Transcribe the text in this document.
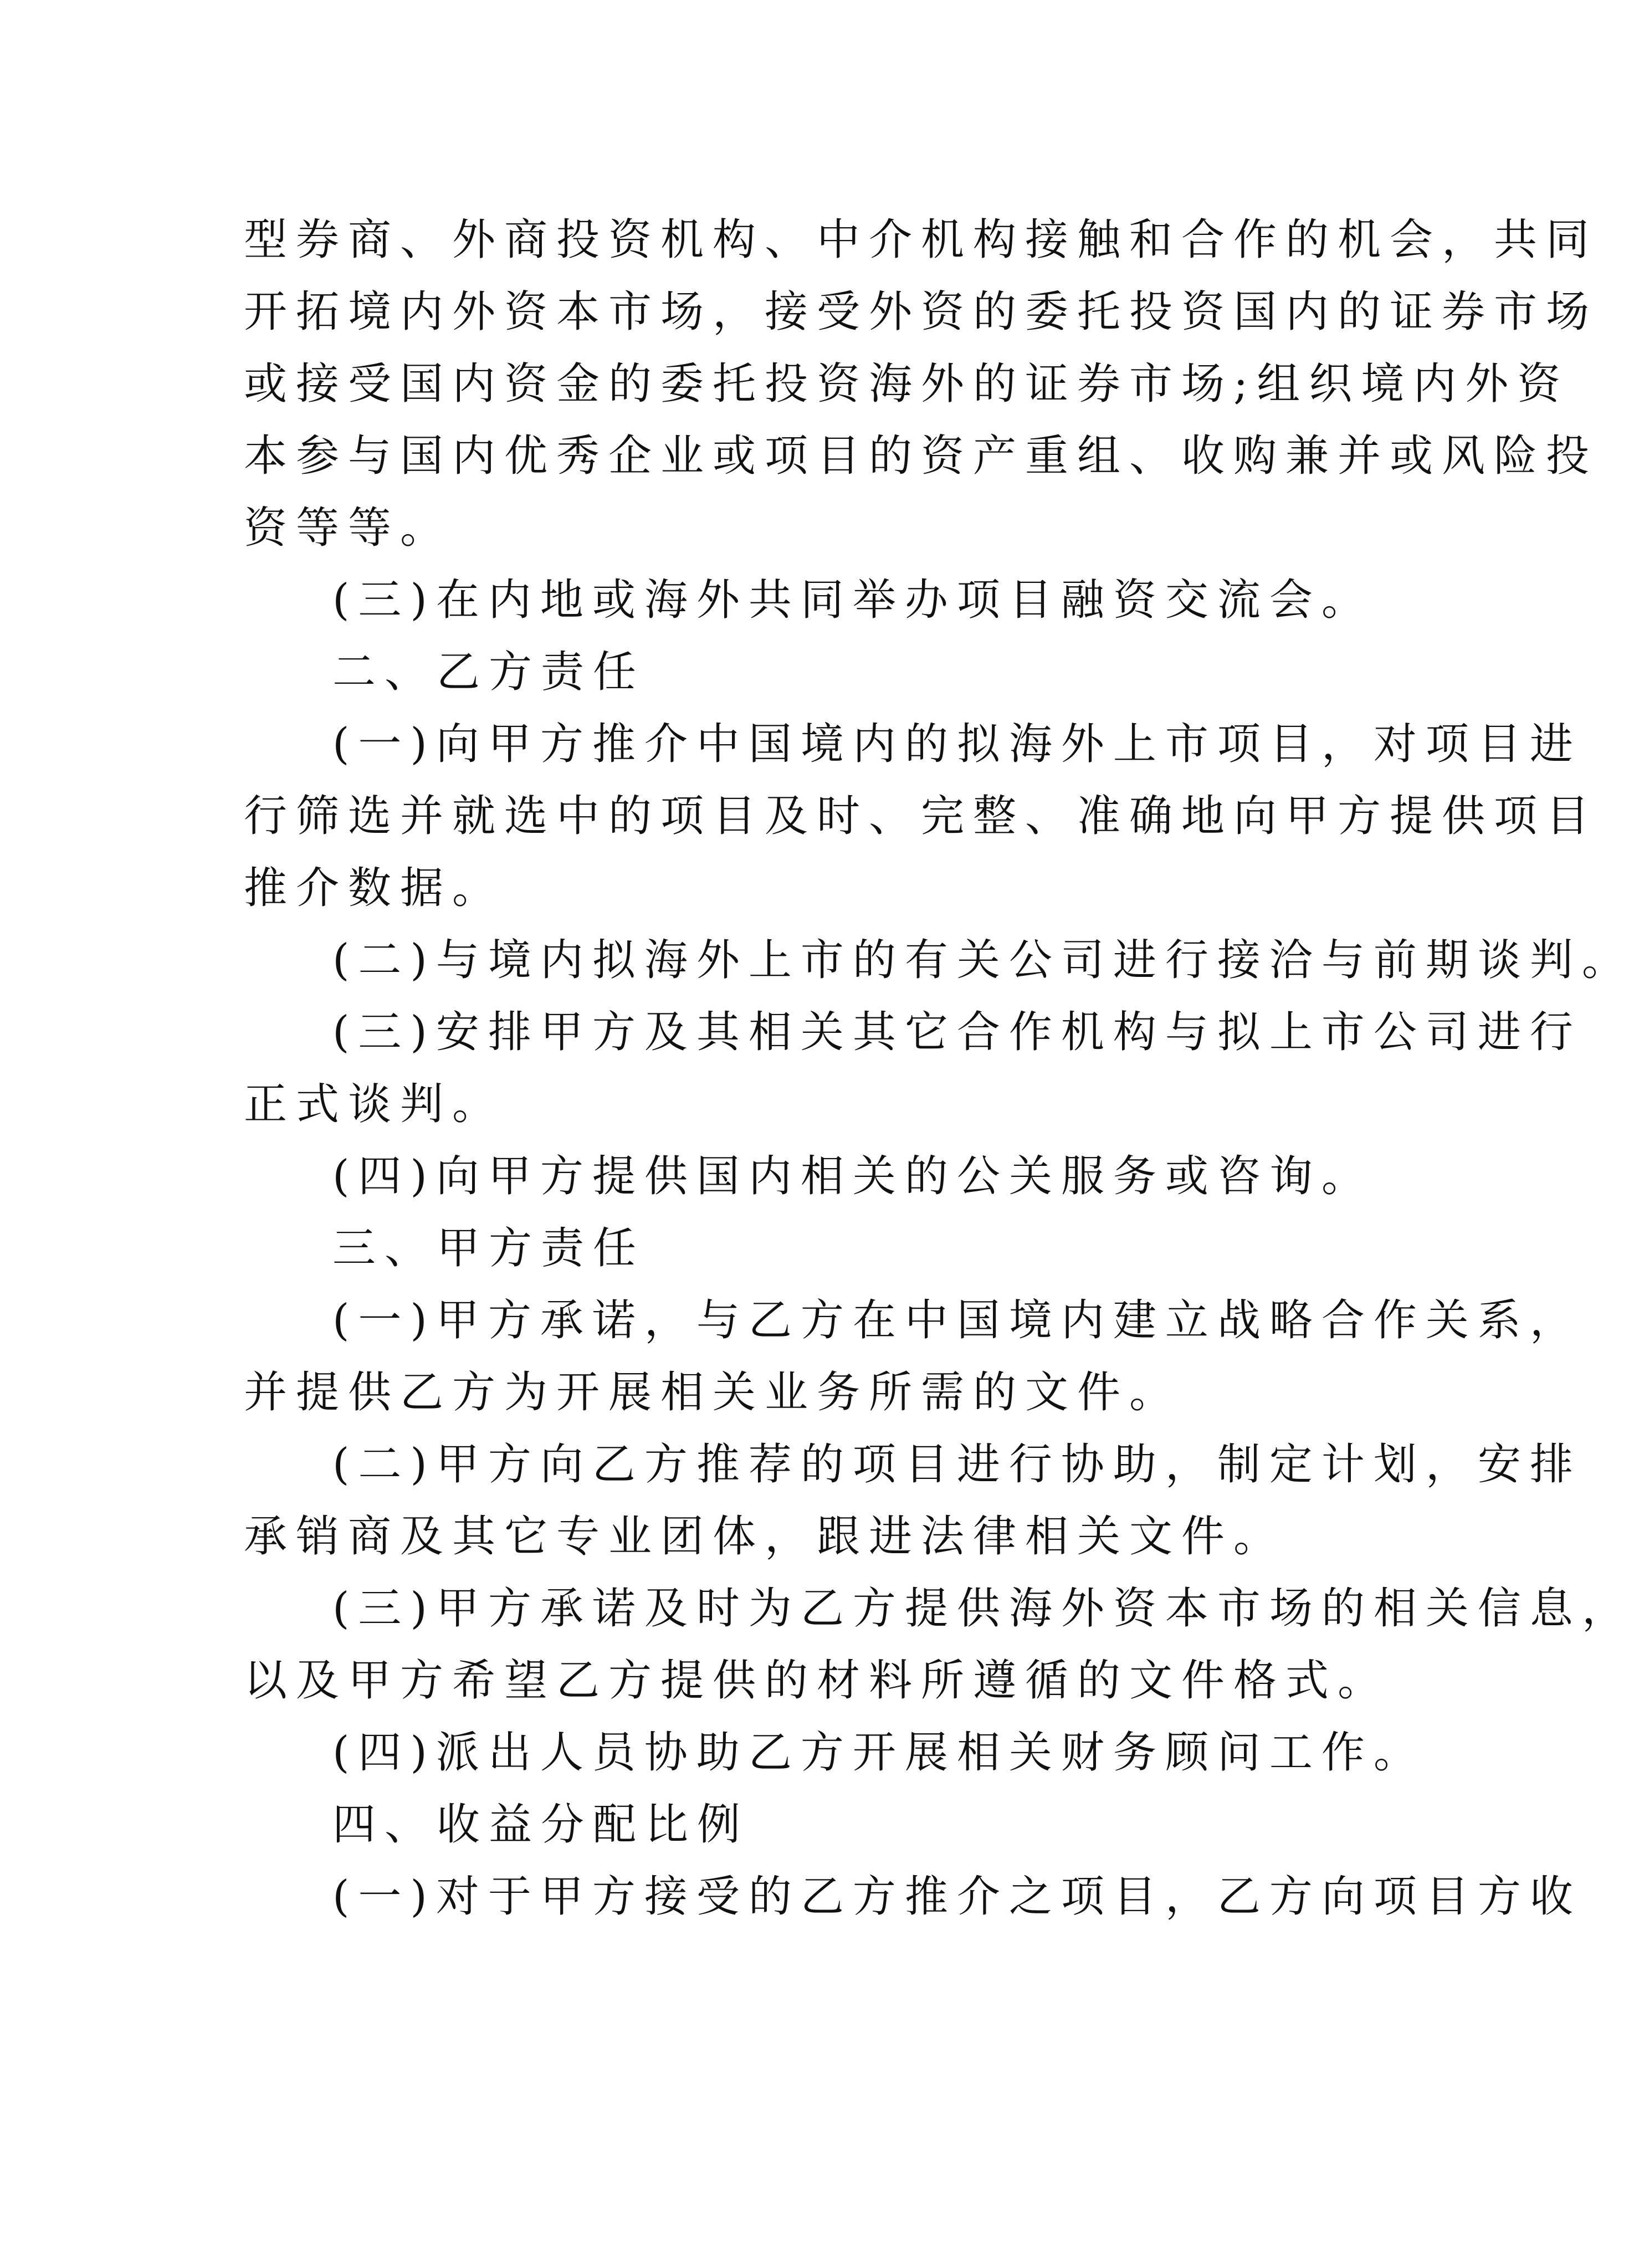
型券商、外商投资机构、中介机构接触和合作的机会，共同
开拓境内外资本市场，接受外资的委托投资国内的证券市场
或接受国内资金的委托投资海外的证券市场;组织境内外资
本参与国内优秀企业或项目的资产重组、收购兼并或风险投
资等等。
(三)在内地或海外共同举办项目融资交流会。
二、乙方责任
(一)向甲方推介中国境内的拟海外上市项目，对项目进
行筛选并就选中的项目及时、完整、准确地向甲方提供项目
推介数据。
(二)与境内拟海外上市的有关公司进行接洽与前期谈判。
(三)安排甲方及其相关其它合作机构与拟上市公司进行
正式谈判。
(四)向甲方提供国内相关的公关服务或咨询。
三、甲方责任
(一)甲方承诺，与乙方在中国境内建立战略合作关系，
并提供乙方为开展相关业务所需的文件。
(二)甲方向乙方推荐的项目进行协助，制定计划，安排
承销商及其它专业团体，跟进法律相关文件。
(三)甲方承诺及时为乙方提供海外资本市场的相关信息，
以及甲方希望乙方提供的材料所遵循的文件格式。
(四)派出人员协助乙方开展相关财务顾问工作。
四、收益分配比例
(一)对于甲方接受的乙方推介之项目，乙方向项目方收
